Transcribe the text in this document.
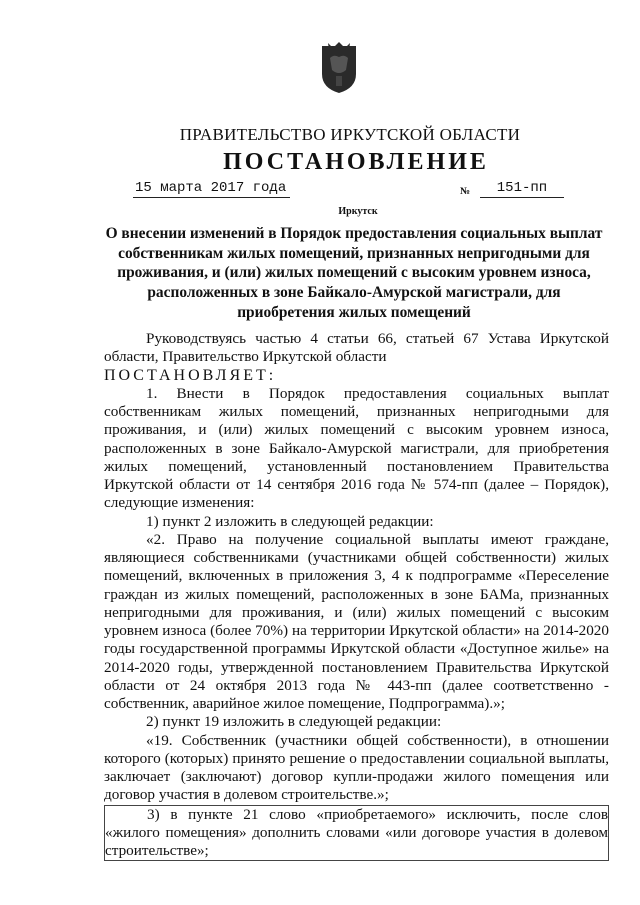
ПРАВИТЕЛЬСТВО ИРКУТСКОЙ ОБЛАСТИ
ПОСТАНОВЛЕНИЕ
15 марта 2017 года	№	151-пп
Иркутск

О внесении изменений в Порядок предоставления социальных выплат собственникам жилых помещений, признанных непригодными для проживания, и (или) жилых помещений с высоким уровнем износа, расположенных в зоне Байкало-Амурской магистрали, для приобретения жилых помещений

Руководствуясь частью 4 статьи 66, статьей 67 Устава Иркутской области, Правительство Иркутской области

ПОСТАНОВЛЯЕТ:

1. Внести в Порядок предоставления социальных выплат собственникам жилых помещений, признанных непригодными для проживания, и (или) жилых помещений с высоким уровнем износа, расположенных в зоне Байкало-Амурской магистрали, для приобретения жилых помещений, установленный постановлением Правительства Иркутской области от 14 сентября 2016 года № 574-пп (далее – Порядок), следующие изменения:

1) пункт 2 изложить в следующей редакции:

«2. Право на получение социальной выплаты имеют граждане, являющиеся собственниками (участниками общей собственности) жилых помещений, включенных в приложения 3, 4 к подпрограмме «Переселение граждан из жилых помещений, расположенных в зоне БАМа, признанных непригодными для проживания, и (или) жилых помещений с высоким уровнем износа (более 70%) на территории Иркутской области» на 2014-2020 годы государственной программы Иркутской области «Доступное жилье» на 2014-2020 годы, утвержденной постановлением Правительства Иркутской области от 24 октября 2013 года № 443-пп (далее соответственно - собственник, аварийное жилое помещение, Подпрограмма).»;

2) пункт 19 изложить в следующей редакции:

«19. Собственник (участники общей собственности), в отношении которого (которых) принято решение о предоставлении социальной выплаты, заключает (заключают) договор купли-продажи жилого помещения или договор участия в долевом строительстве.»;

3) в пункте 21 слово «приобретаемого» исключить, после слов «жилого помещения» дополнить словами «или договоре участия в долевом строительстве»;
